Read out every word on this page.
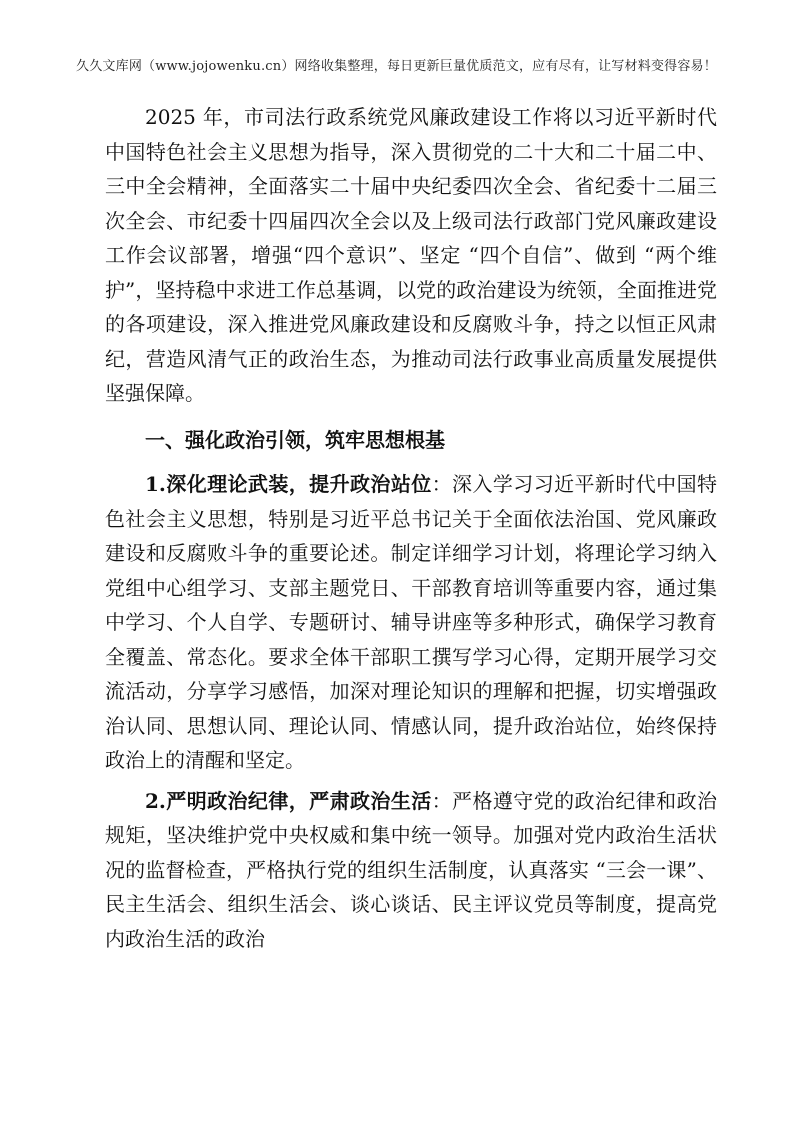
久久文库网（www.jojowenku.cn）网络收集整理，每日更新巨量优质范文，应有尽有，让写材料变得容易！

2025 年，市司法行政系统党风廉政建设工作将以习近平新时代中国特色社会主义思想为指导，深入贯彻党的二十大和二十届二中、三中全会精神，全面落实二十届中央纪委四次全会、省纪委十二届三次全会、市纪委十四届四次全会以及上级司法行政部门党风廉政建设工作会议部署，增强“四个意识”、坚定 “四个自信”、做到 “两个维护”，坚持稳中求进工作总基调，以党的政治建设为统领，全面推进党的各项建设，深入推进党风廉政建设和反腐败斗争，持之以恒正风肃纪，营造风清气正的政治生态，为推动司法行政事业高质量发展提供坚强保障。

一、强化政治引领，筑牢思想根基

1.深化理论武装，提升政治站位：深入学习习近平新时代中国特色社会主义思想，特别是习近平总书记关于全面依法治国、党风廉政建设和反腐败斗争的重要论述。制定详细学习计划，将理论学习纳入党组中心组学习、支部主题党日、干部教育培训等重要内容，通过集中学习、个人自学、专题研讨、辅导讲座等多种形式，确保学习教育全覆盖、常态化。要求全体干部职工撰写学习心得，定期开展学习交流活动，分享学习感悟，加深对理论知识的理解和把握，切实增强政治认同、思想认同、理论认同、情感认同，提升政治站位，始终保持政治上的清醒和坚定。

2.严明政治纪律，严肃政治生活：严格遵守党的政治纪律和政治规矩，坚决维护党中央权威和集中统一领导。加强对党内政治生活状况的监督检查，严格执行党的组织生活制度，认真落实 “三会一课”、民主生活会、组织生活会、谈心谈话、民主评议党员等制度，提高党内政治生活的政治
